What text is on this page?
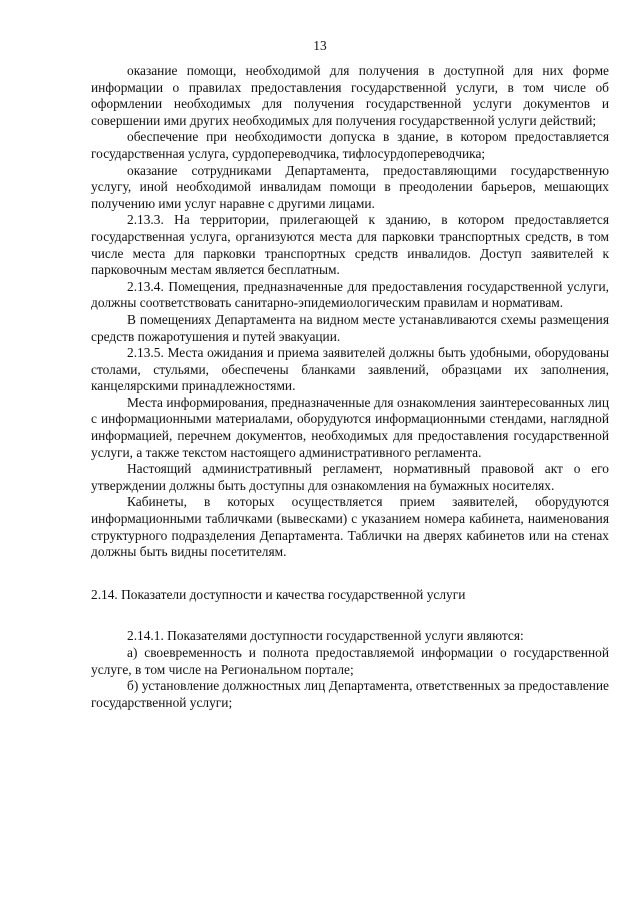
13

оказание помощи, необходимой для получения в доступной для них форме информации о правилах предоставления государственной услуги, в том числе об оформлении необходимых для получения государственной услуги документов и совершении ими других необходимых для получения государственной услуги действий;

обеспечение при необходимости допуска в здание, в котором предоставляется государственная услуга, сурдопереводчика, тифлосурдопереводчика;

оказание сотрудниками Департамента, предоставляющими государственную услугу, иной необходимой инвалидам помощи в преодолении барьеров, мешающих получению ими услуг наравне с другими лицами.

2.13.3. На территории, прилегающей к зданию, в котором предоставляется государственная услуга, организуются места для парковки транспортных средств, в том числе места для парковки транспортных средств инвалидов. Доступ заявителей к парковочным местам является бесплатным.

2.13.4. Помещения, предназначенные для предоставления государственной услуги, должны соответствовать санитарно-эпидемиологическим правилам и нормативам.

В помещениях Департамента на видном месте устанавливаются схемы размещения средств пожаротушения и путей эвакуации.

2.13.5. Места ожидания и приема заявителей должны быть удобными, оборудованы столами, стульями, обеспечены бланками заявлений, образцами их заполнения, канцелярскими принадлежностями.

Места информирования, предназначенные для ознакомления заинтересованных лиц с информационными материалами, оборудуются информационными стендами, наглядной информацией, перечнем документов, необходимых для предоставления государственной услуги, а также текстом настоящего административного регламента.

Настоящий административный регламент, нормативный правовой акт о его утверждении должны быть доступны для ознакомления на бумажных носителях.

Кабинеты, в которых осуществляется прием заявителей, оборудуются информационными табличками (вывесками) с указанием номера кабинета, наименования структурного подразделения Департамента. Таблички на дверях кабинетов или на стенах должны быть видны посетителям.

2.14. Показатели доступности и качества государственной услуги

2.14.1. Показателями доступности государственной услуги являются:

а) своевременность и полнота предоставляемой информации о государственной услуге, в том числе на Региональном портале;

б) установление должностных лиц Департамента, ответственных за предоставление государственной услуги;
